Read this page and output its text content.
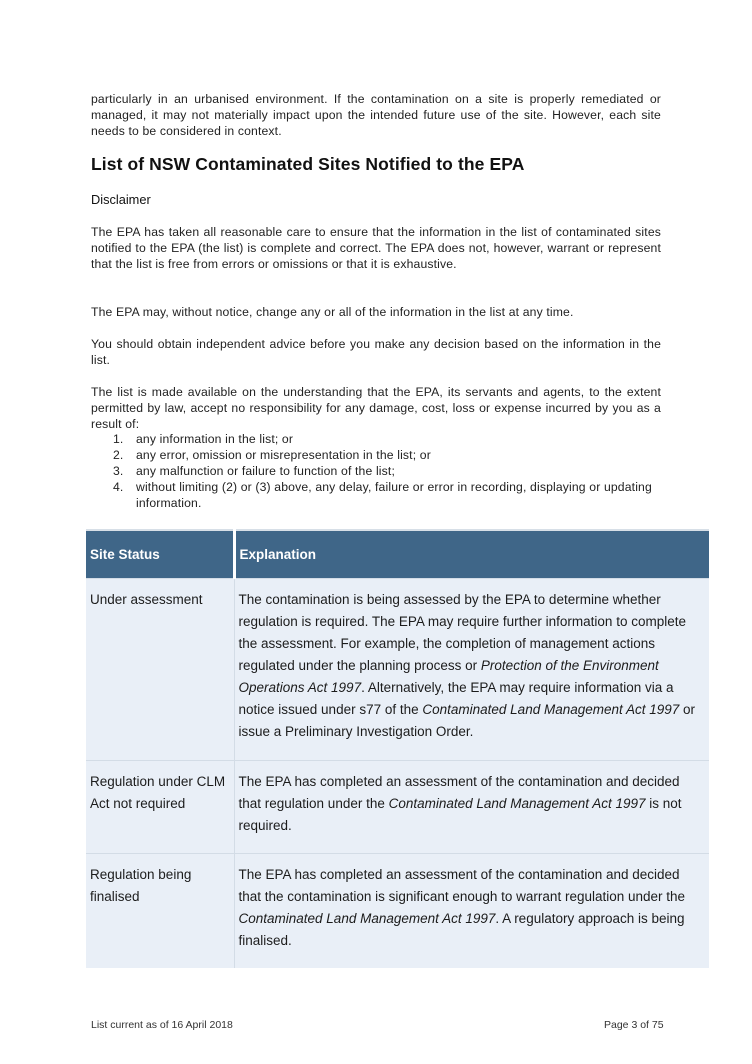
particularly in an urbanised environment. If the contamination on a site is properly remediated or managed, it may not materially impact upon the intended future use of the site. However, each site needs to be considered in context.

List of NSW Contaminated Sites Notified to the EPA
Disclaimer

The EPA has taken all reasonable care to ensure that the information in the list of contaminated sites notified to the EPA (the list) is complete and correct. The EPA does not, however, warrant or represent that the list is free from errors or omissions or that it is exhaustive.

The EPA may, without notice, change any or all of the information in the list at any time.

You should obtain independent advice before you make any decision based on the information in the list.

The list is made available on the understanding that the EPA, its servants and agents, to the extent permitted by law, accept no responsibility for any damage, cost, loss or expense incurred by you as a result of:

1. any information in the list; or
2. any error, omission or misrepresentation in the list; or
3. any malfunction or failure to function of the list;
4. without limiting (2) or (3) above, any delay, failure or error in recording, displaying or updating information.
Site Status	Explanation
Under assessment	The contamination is being assessed by the EPA to determine whether regulation is required. The EPA may require further information to complete the assessment. For example, the completion of management actions regulated under the planning process or Protection of the Environment Operations Act 1997. Alternatively, the EPA may require information via a notice issued under s77 of the Contaminated Land Management Act 1997 or issue a Preliminary Investigation Order.
Regulation under CLM Act not required	The EPA has completed an assessment of the contamination and decided that regulation under the Contaminated Land Management Act 1997 is not required.
Regulation being finalised	The EPA has completed an assessment of the contamination and decided that the contamination is significant enough to warrant regulation under the Contaminated Land Management Act 1997. A regulatory approach is being finalised.
List current as of 16 April 2018	Page 3 of 75
